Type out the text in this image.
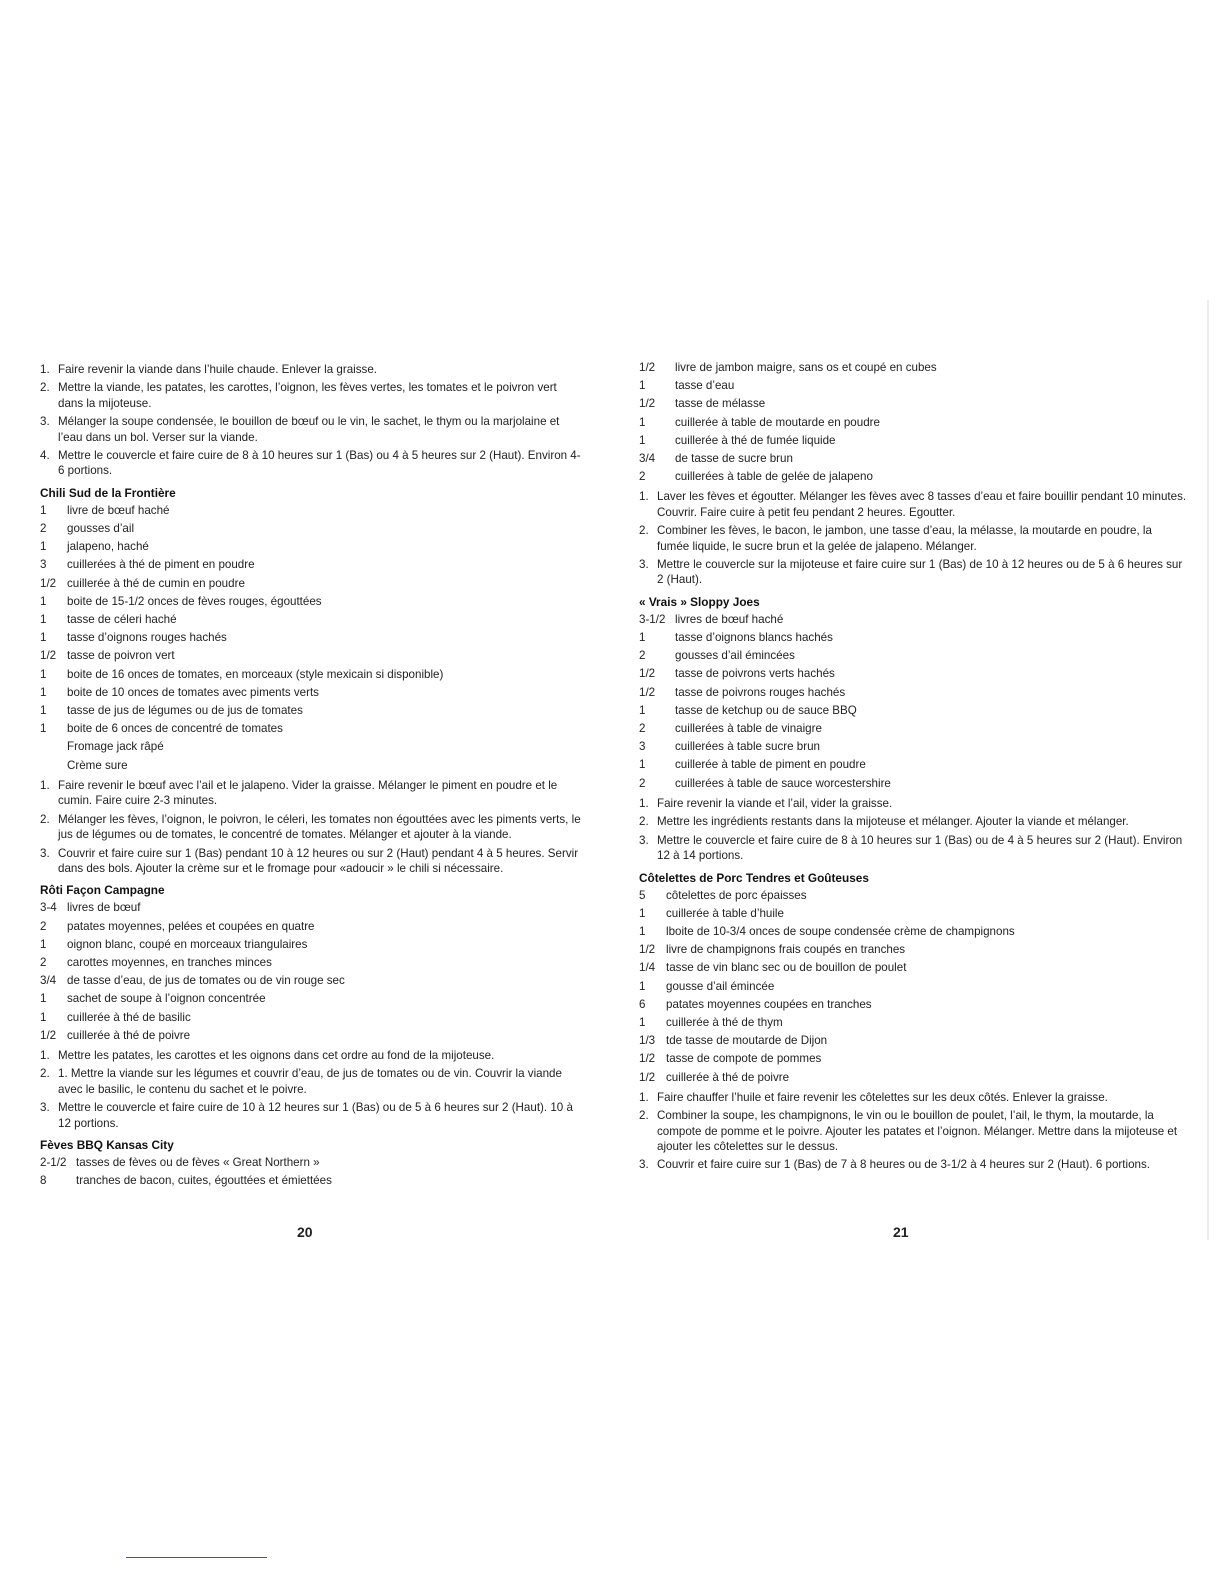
1. Faire revenir la viande dans l’huile chaude. Enlever la graisse.
2. Mettre la viande, les patates, les carottes, l’oignon, les fèves vertes, les tomates et le poivron vert dans la mijoteuse.
3. Mélanger la soupe condensée, le bouillon de bœuf ou le vin, le sachet, le thym ou la marjolaine et l’eau dans un bol. Verser sur la viande.
4. Mettre le couvercle et faire cuire de 8 à 10 heures sur 1 (Bas) ou 4 à 5 heures sur 2 (Haut). Environ 4-6 portions.
Chili Sud de la Frontière
1	livre de bœuf haché
2	gousses d’ail
1	jalapeno, haché
3	cuillerées à thé de piment en poudre
1/2 cuillerée à thé de cumin en poudre
1	boite de 15-1/2 onces de fèves rouges, égouttées
1	tasse de céleri haché
1	tasse d’oignons rouges hachés
1/2 tasse de poivron vert
1	boite de 16 onces de tomates, en morceaux (style mexicain si disponible)
1	boite de 10 onces de tomates avec piments verts
1	tasse de jus de légumes ou de jus de tomates
1	boite de 6 onces de concentré de tomates
Fromage jack râpé
Crème sure
1. Faire revenir le bœuf avec l’ail et le jalapeno. Vider la graisse. Mélanger le piment en poudre et le cumin. Faire cuire 2-3 minutes.
2. Mélanger les fèves, l’oignon, le poivron, le céleri, les tomates non égouttées avec les piments verts, le jus de légumes ou de tomates, le concentré de tomates. Mélanger et ajouter à la viande.
3. Couvrir et faire cuire sur 1 (Bas) pendant 10 à 12 heures ou sur 2 (Haut) pendant 4 à 5 heures. Servir dans des bols. Ajouter la crème sur et le fromage pour «adoucir » le chili si nécessaire.
Rôti Façon Campagne
3-4 livres de bœuf
2	patates moyennes, pelées et coupées en quatre
1	oignon blanc, coupé en morceaux triangulaires
2	carottes moyennes, en tranches minces
3/4 de tasse d’eau, de jus de tomates ou de vin rouge sec
1	sachet de soupe à l’oignon concentrée
1	cuillerée à thé de basilic
1/2 cuillerée à thé de poivre
1. Mettre les patates, les carottes et les oignons dans cet ordre au fond de la mijoteuse.
2. 1. Mettre la viande sur les légumes et couvrir d’eau, de jus de tomates ou de vin. Couvrir la viande avec le basilic, le contenu du sachet et le poivre.
3. Mettre le couvercle et faire cuire de 10 à 12 heures sur 1 (Bas) ou de 5 à 6 heures sur 2 (Haut). 10 à 12 portions.
Fèves BBQ Kansas City
2-1/2 tasses de fèves ou de fèves « Great Northern »
8	tranches de bacon, cuites, égouttées et émiettées
1/2	livre de jambon maigre, sans os et coupé en cubes
1	tasse d’eau
1/2	tasse de mélasse
1	cuillerée à table de moutarde en poudre
1	cuillerée à thé de fumée liquide
3/4	de tasse de sucre brun
2	cuillerées à table de gelée de jalapeno
1. Laver les fèves et égoutter. Mélanger les fèves avec 8 tasses d’eau et faire bouillir pendant 10 minutes. Couvrir. Faire cuire à petit feu pendant 2 heures. Egoutter.
2. Combiner les fèves, le bacon, le jambon, une tasse d’eau, la mélasse, la moutarde en poudre, la fumée liquide, le sucre brun et la gelée de jalapeno. Mélanger.
3. Mettre le couvercle sur la mijoteuse et faire cuire sur 1 (Bas) de 10 à 12 heures ou de 5 à 6 heures sur 2 (Haut).
« Vrais » Sloppy Joes
3-1/2 livres de bœuf haché
1	tasse d’oignons blancs hachés
2	gousses d’ail émincées
1/2	tasse de poivrons verts hachés
1/2	tasse de poivrons rouges hachés
1	tasse de ketchup ou de sauce BBQ
2	cuillerées à table de vinaigre
3	cuillerées à table sucre brun
1	cuillerée à table de piment en poudre
2	cuillerées à table de sauce worcestershire
1. Faire revenir la viande et l’ail, vider la graisse.
2. Mettre les ingrédients restants dans la mijoteuse et mélanger. Ajouter la viande et mélanger.
3. Mettre le couvercle et faire cuire de 8 à 10 heures sur 1 (Bas) ou de 4 à 5 heures sur 2 (Haut). Environ 12 à 14 portions.
Côtelettes de Porc Tendres et Goûteuses
5	côtelettes de porc épaisses
1	cuillerée à table d’huile
1	lboite de 10-3/4 onces de soupe condensée crème de champignons
1/2 livre de champignons frais coupés en tranches
1/4 tasse de vin blanc sec ou de bouillon de poulet
1	gousse d’ail émincée
6	patates moyennes coupées en tranches
1	cuillerée à thé de thym
1/3 tde tasse de moutarde de Dijon
1/2 tasse de compote de pommes
1/2 cuillerée à thé de poivre
1. Faire chauffer l’huile et faire revenir les côtelettes sur les deux côtés. Enlever la graisse.
2. Combiner la soupe, les champignons, le vin ou le bouillon de poulet, l’ail, le thym, la moutarde, la compote de pomme et le poivre. Ajouter les patates et l’oignon. Mélanger. Mettre dans la mijoteuse et ajouter les côtelettes sur le dessus.
3. Couvrir et faire cuire sur 1 (Bas) de 7 à 8 heures ou de 3-1/2 à 4 heures sur 2 (Haut). 6 portions.
20	21
